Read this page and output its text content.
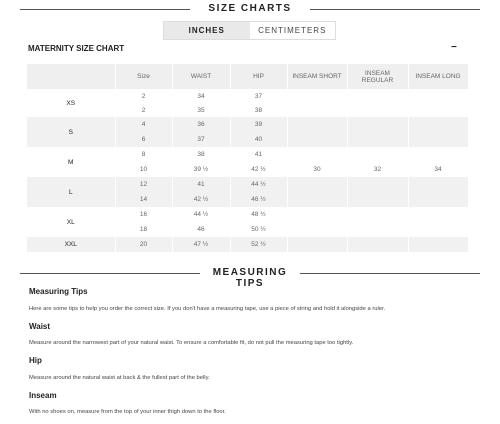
SIZE CHARTS
INCHES	CENTIMETERS
MATERNITY SIZE CHART	−
	Size	WAIST	HIP	INSEAM SHORT	INSEAM REGULAR	INSEAM LONG
XS	2	34	37			
	2	35	38			
S	4	36	39			
	6	37	40			
M	8	38	41			
	10	39 ½	42 ½	30	32	34
L	12	41	44 ½			
	14	42 ½	46 ½			
XL	16	44 ½	48 ½			
	18	46	50 ½			
XXL	20	47 ½	52 ½			
MEASURING TIPS
Measuring Tips

Here are some tips to help you order the correct size. If you don't have a measuring tape, use a piece of string and hold it alongside a ruler.

Waist

Measure around the narrowest part of your natural waist. To ensure a comfortable fit, do not pull the measuring tape too tightly.

Hip

Measure around the natural waist at back & the fullest part of the belly.

Inseam

With no shoes on, measure from the top of your inner thigh down to the floor.
